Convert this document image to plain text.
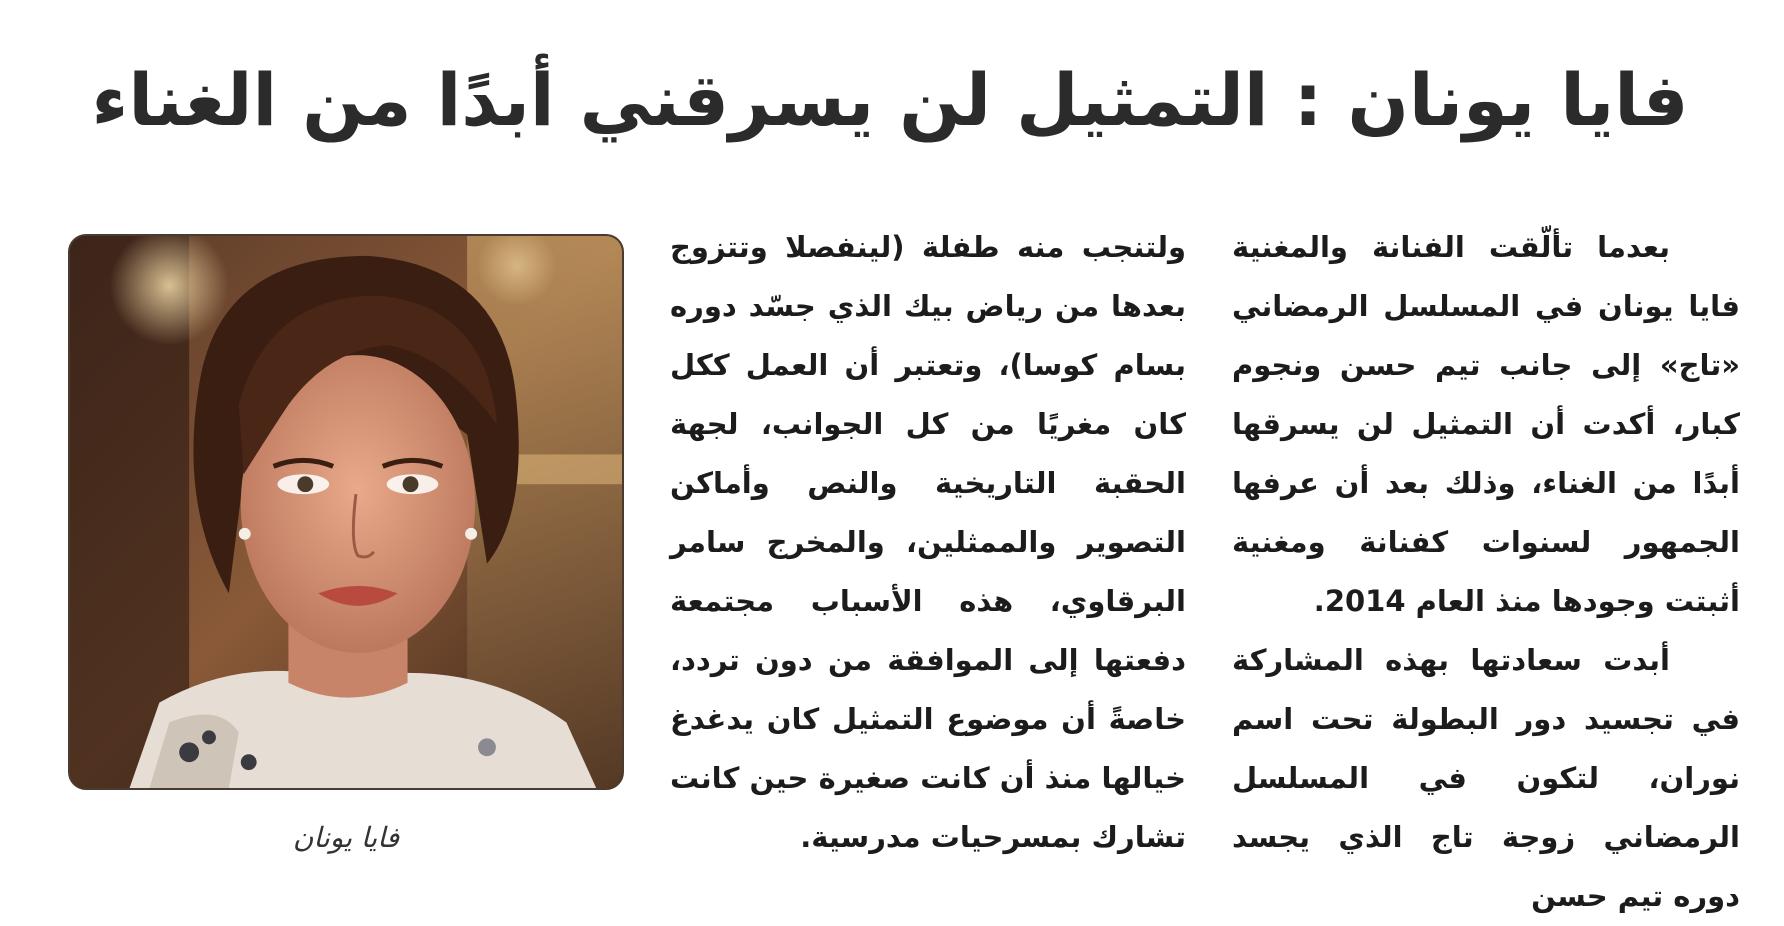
فايا يونان : التمثيل لن يسرقني أبدًا من الغناء

بعدما تألّقت الفنانة والمغنية فايا يونان في المسلسل الرمضاني «تاج» إلى جانب تيم حسن ونجوم كبار، أكدت أن التمثيل لن يسرقها أبدًا من الغناء، وذلك بعد أن عرفها الجمهور لسنوات كفنانة ومغنية أثبتت وجودها منذ العام 2014.

أبدت سعادتها بهذه المشاركة في تجسيد دور البطولة تحت اسم نوران، لتكون في المسلسل الرمضاني زوجة تاج الذي يجسد دوره تيم حسن

ولتنجب منه طفلة (لينفصلا وتتزوج بعدها من رياض بيك الذي جسّد دوره بسام كوسا)، وتعتبر أن العمل ككل كان مغريًا من كل الجوانب، لجهة الحقبة التاريخية والنص وأماكن التصوير والممثلين، والمخرج سامر البرقاوي، هذه الأسباب مجتمعة دفعتها إلى الموافقة من دون تردد، خاصةً أن موضوع التمثيل كان يدغدغ خيالها منذ أن كانت صغيرة حين كانت تشارك بمسرحيات مدرسية.

فايا يونان
